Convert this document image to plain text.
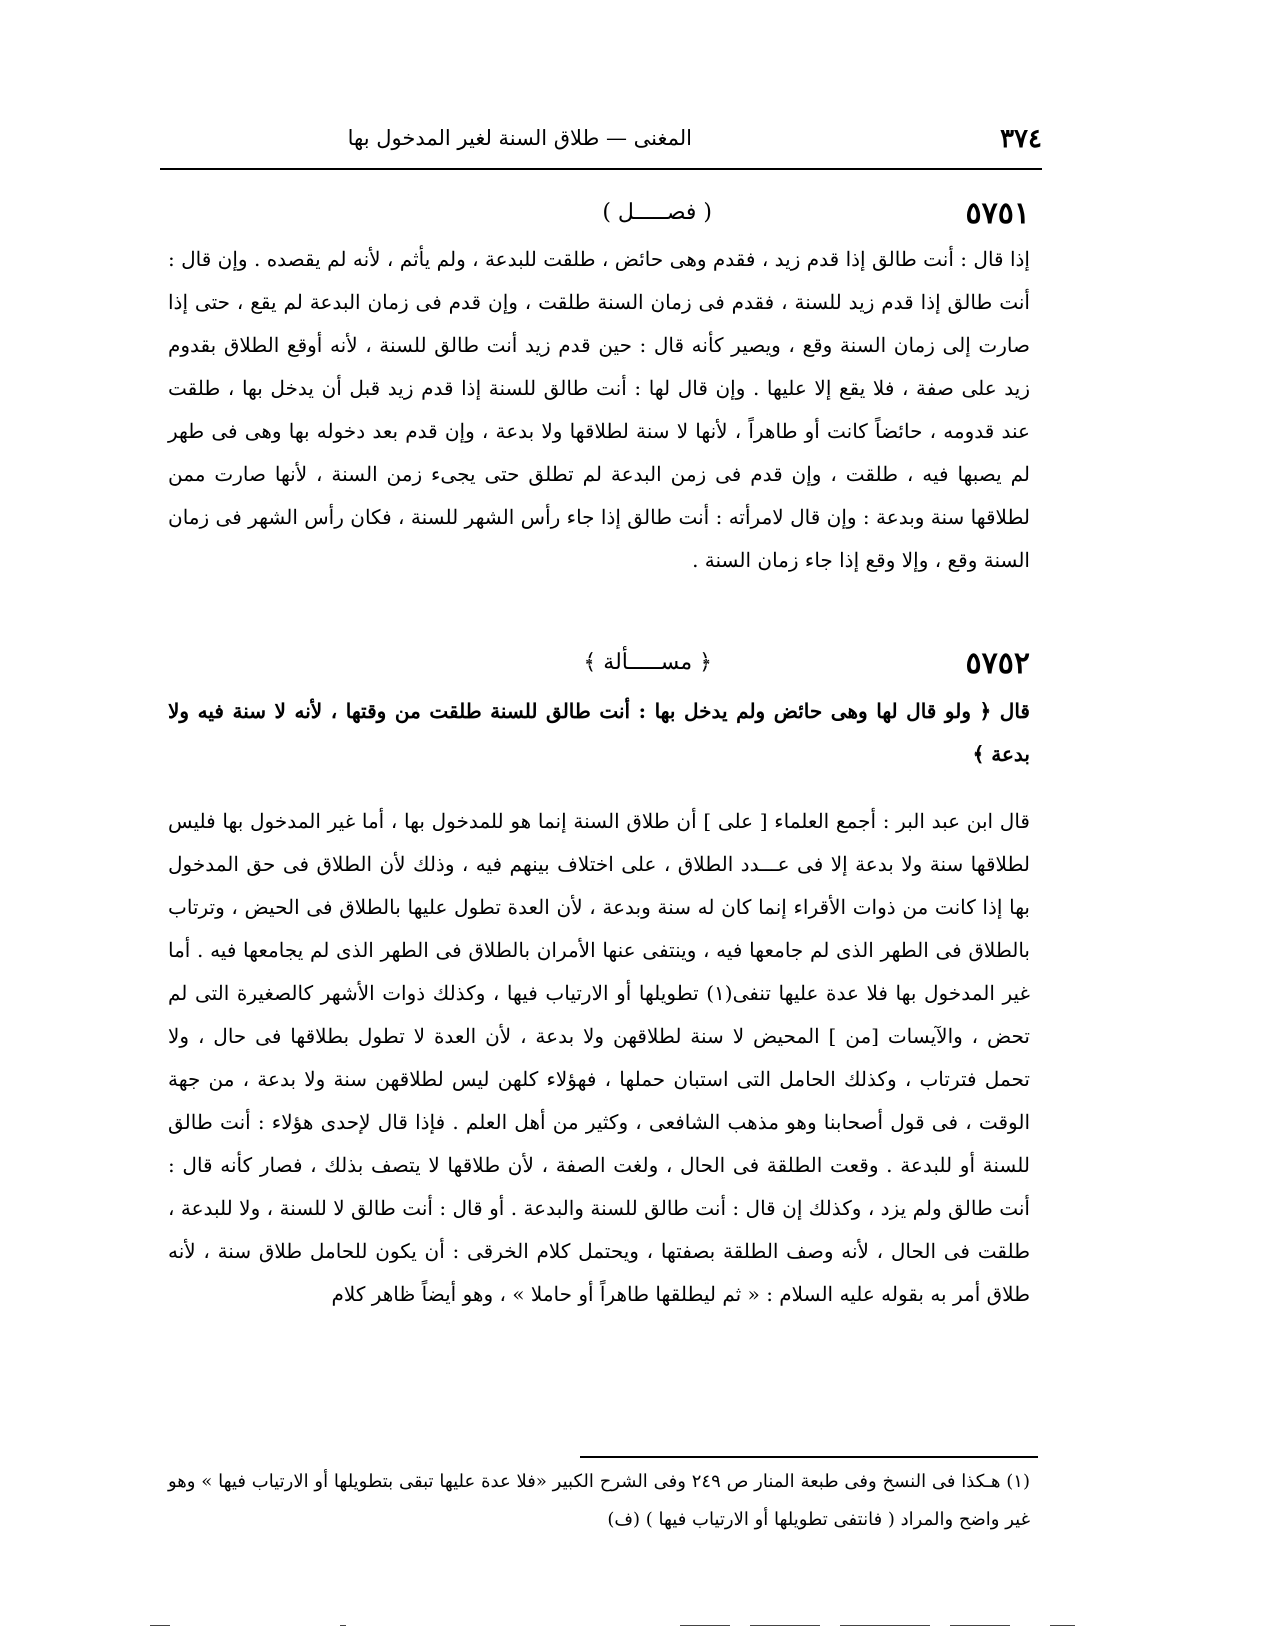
٣٧٤
المغنى — طلاق السنة لغير المدخول بها
٥٧٥١
( فصـــــل )

إذا قال : أنت طالق إذا قدم زيد ، فقدم وهى حائض ، طلقت للبدعة ، ولم يأثم ، لأنه لم يقصده . وإن قال : أنت طالق إذا قدم زيد للسنة ، فقدم فى زمان السنة طلقت ، وإن قدم فى زمان البدعة لم يقع ، حتى إذا صارت إلى زمان السنة وقع ، ويصير كأنه قال : حين قدم زيد أنت طالق للسنة ، لأنه أوقع الطلاق بقدوم زيد على صفة ، فلا يقع إلا عليها . وإن قال لها : أنت طالق للسنة إذا قدم زيد قبل أن يدخل بها ، طلقت عند قدومه ، حائضاً كانت أو طاهراً ، لأنها لا سنة لطلاقها ولا بدعة ، وإن قدم بعد دخوله بها وهى فى طهر لم يصبها فيه ، طلقت ، وإن قدم فى زمن البدعة لم تطلق حتى يجىء زمن السنة ، لأنها صارت ممن لطلاقها سنة وبدعة : وإن قال لامرأته : أنت طالق إذا جاء رأس الشهر للسنة ، فكان رأس الشهر فى زمان السنة وقع ، وإلا وقع إذا جاء زمان السنة .

٥٧٥٢
﴿ مســـــألة ﴾

قال ﴿ ولو قال لها وهى حائض ولم يدخل بها : أنت طالق للسنة طلقت من وقتها ، لأنه لا سنة فيه ولا بدعة ﴾

قال ابن عبد البر : أجمع العلماء [ على ] أن طلاق السنة إنما هو للمدخول بها ، أما غير المدخول بها فليس لطلاقها سنة ولا بدعة إلا فى عـــدد الطلاق ، على اختلاف بينهم فيه ، وذلك لأن الطلاق فى حق المدخول بها إذا كانت من ذوات الأقراء إنما كان له سنة وبدعة ، لأن العدة تطول عليها بالطلاق فى الحيض ، وترتاب بالطلاق فى الطهر الذى لم جامعها فيه ، وينتفى عنها الأمران بالطلاق فى الطهر الذى لم يجامعها فيه . أما غير المدخول بها فلا عدة عليها تنفى(١) تطويلها أو الارتياب فيها ، وكذلك ذوات الأشهر كالصغيرة التى لم تحض ، والآيسات [من ] المحيض لا سنة لطلاقهن ولا بدعة ، لأن العدة لا تطول بطلاقها فى حال ، ولا تحمل فترتاب ، وكذلك الحامل التى استبان حملها ، فهؤلاء كلهن ليس لطلاقهن سنة ولا بدعة ، من جهة الوقت ، فى قول أصحابنا وهو مذهب الشافعى ، وكثير من أهل العلم . فإذا قال لإحدى هؤلاء : أنت طالق للسنة أو للبدعة . وقعت الطلقة فى الحال ، ولغت الصفة ، لأن طلاقها لا يتصف بذلك ، فصار كأنه قال : أنت طالق ولم يزد ، وكذلك إن قال : أنت طالق للسنة والبدعة . أو قال : أنت طالق لا للسنة ، ولا للبدعة ، طلقت فى الحال ، لأنه وصف الطلقة بصفتها ، ويحتمل كلام الخرقى : أن يكون للحامل طلاق سنة ، لأنه طلاق أمر به بقوله عليه السلام : « ثم ليطلقها طاهراً أو حاملا » ، وهو أيضاً ظاهر كلام

(١) هـكذا فى النسخ وفى طبعة المنار ص ٢٤٩ وفى الشرح الكبير «فلا عدة عليها تبقى بتطويلها أو الارتياب فيها » وهو غير واضح والمراد ( فانتفى تطويلها أو الارتياب فيها ) (ف)
